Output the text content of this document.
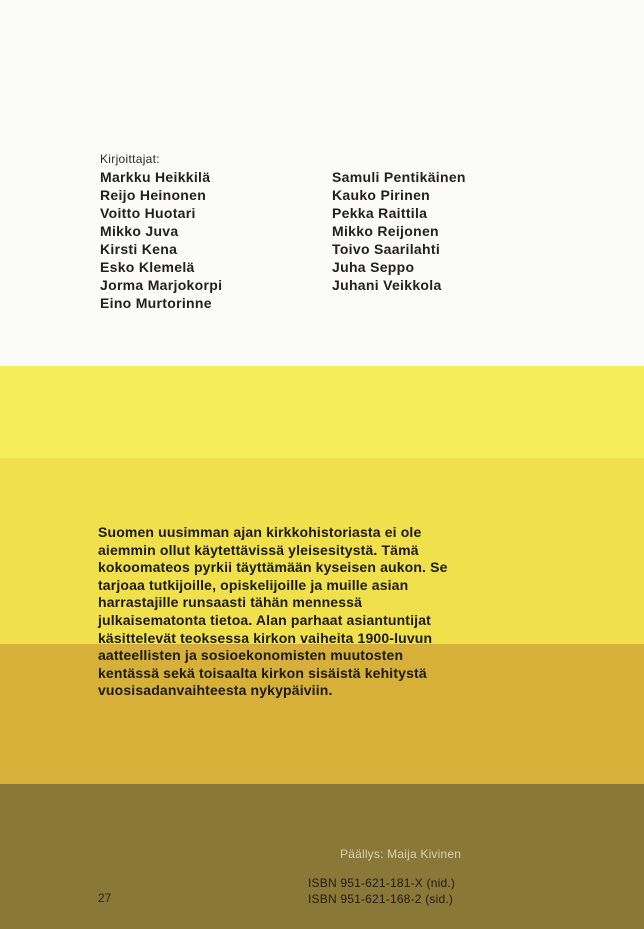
Kirjoittajat:
Markku Heikkilä
Reijo Heinonen
Voitto Huotari
Mikko Juva
Kirsti Kena
Esko Klemelä
Jorma Marjokorpi
Eino Murtorinne
Samuli Pentikäinen
Kauko Pirinen
Pekka Raittila
Mikko Reijonen
Toivo Saarilahti
Juha Seppo
Juhani Veikkola
Suomen uusimman ajan kirkkohistoriasta ei ole
aiemmin ollut käytettävissä yleisesitystä. Tämä
kokoomateos pyrkii täyttämään kyseisen aukon. Se
tarjoaa tutkijoille, opiskelijoille ja muille asian
harrastajille runsaasti tähän mennessä
julkaisematonta tietoa. Alan parhaat asiantuntijat
käsittelevät teoksessa kirkon vaiheita 1900-luvun
aatteellisten ja sosioekonomisten muutosten
kentässä sekä toisaalta kirkon sisäistä kehitystä
vuosisadanvaihteesta nykypäiviin.
Päällys: Maija Kivinen
ISBN 951-621-181-X (nid.)
ISBN 951-621-168-2 (sid.)
27
